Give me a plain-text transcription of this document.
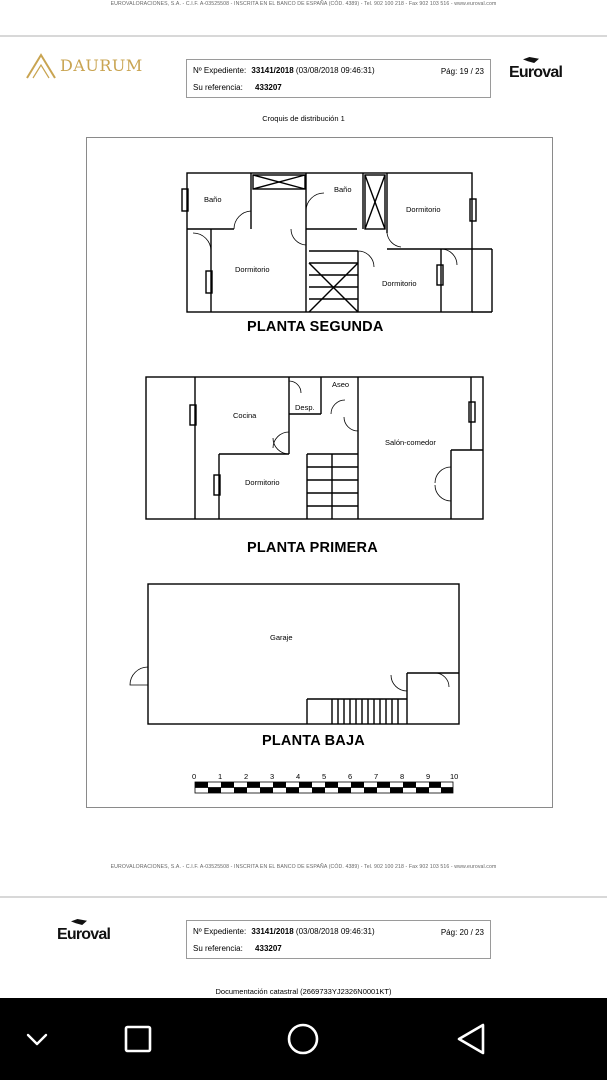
EUROVALORACIONES, S.A. - C.I.F. A-03525508 - INSCRITA EN EL BANCO DE ESPAÑA (CÓD. 4389) - Tel. 902 100 218 - Fax 902 103 516 - www.euroval.com
DAURUM	Nº Expediente: 33141/2018 (03/08/2018 09:46:31)	Pág: 19 / 23
Su referencia: 433207
Euroval
Croquis de distribución 1
Baño
Baño
Dormitorio
Dormitorio
Dormitorio
PLANTA SEGUNDA
Aseo
Desp.
Cocina
Salón-comedor
Dormitorio
PLANTA PRIMERA
Garaje
PLANTA BAJA
0	1	2	3	4	5	6	7	8	9	10
EUROVALORACIONES, S.A. - C.I.F. A-03525508 - INSCRITA EN EL BANCO DE ESPAÑA (CÓD. 4389) - Tel. 902 100 218 - Fax 902 103 516 - www.euroval.com
Euroval	Nº Expediente: 33141/2018 (03/08/2018 09:46:31)	Pág: 20 / 23
Su referencia: 433207
Documentación catastral (2669733YJ2326N0001KT)
